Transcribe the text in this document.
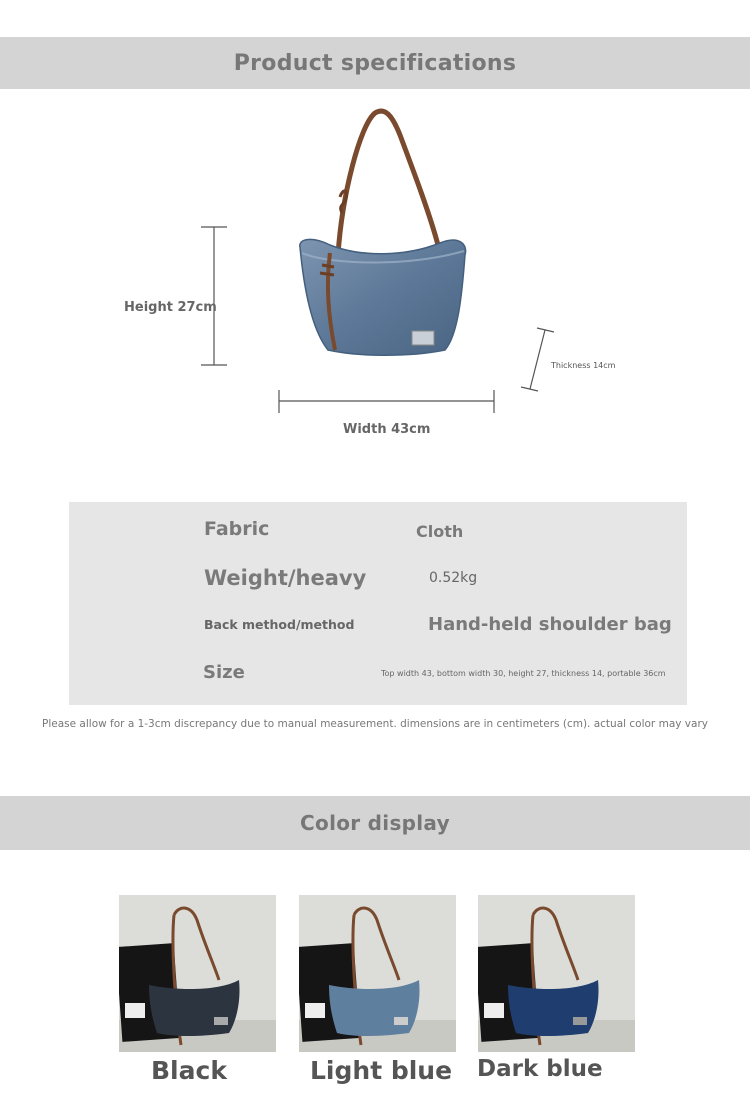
Product specifications
Height 27cm
Width 43cm
Thickness 14cm
Fabric	Cloth
Weight/heavy	0.52kg
Back method/method	Hand-held shoulder bag
Size	Top width 43, bottom width 30, height 27, thickness 14, portable 36cm
Please allow for a 1-3cm discrepancy due to manual measurement. dimensions are in centimeters (cm). actual color may vary
Color display
Black	Light blue Dark blue
